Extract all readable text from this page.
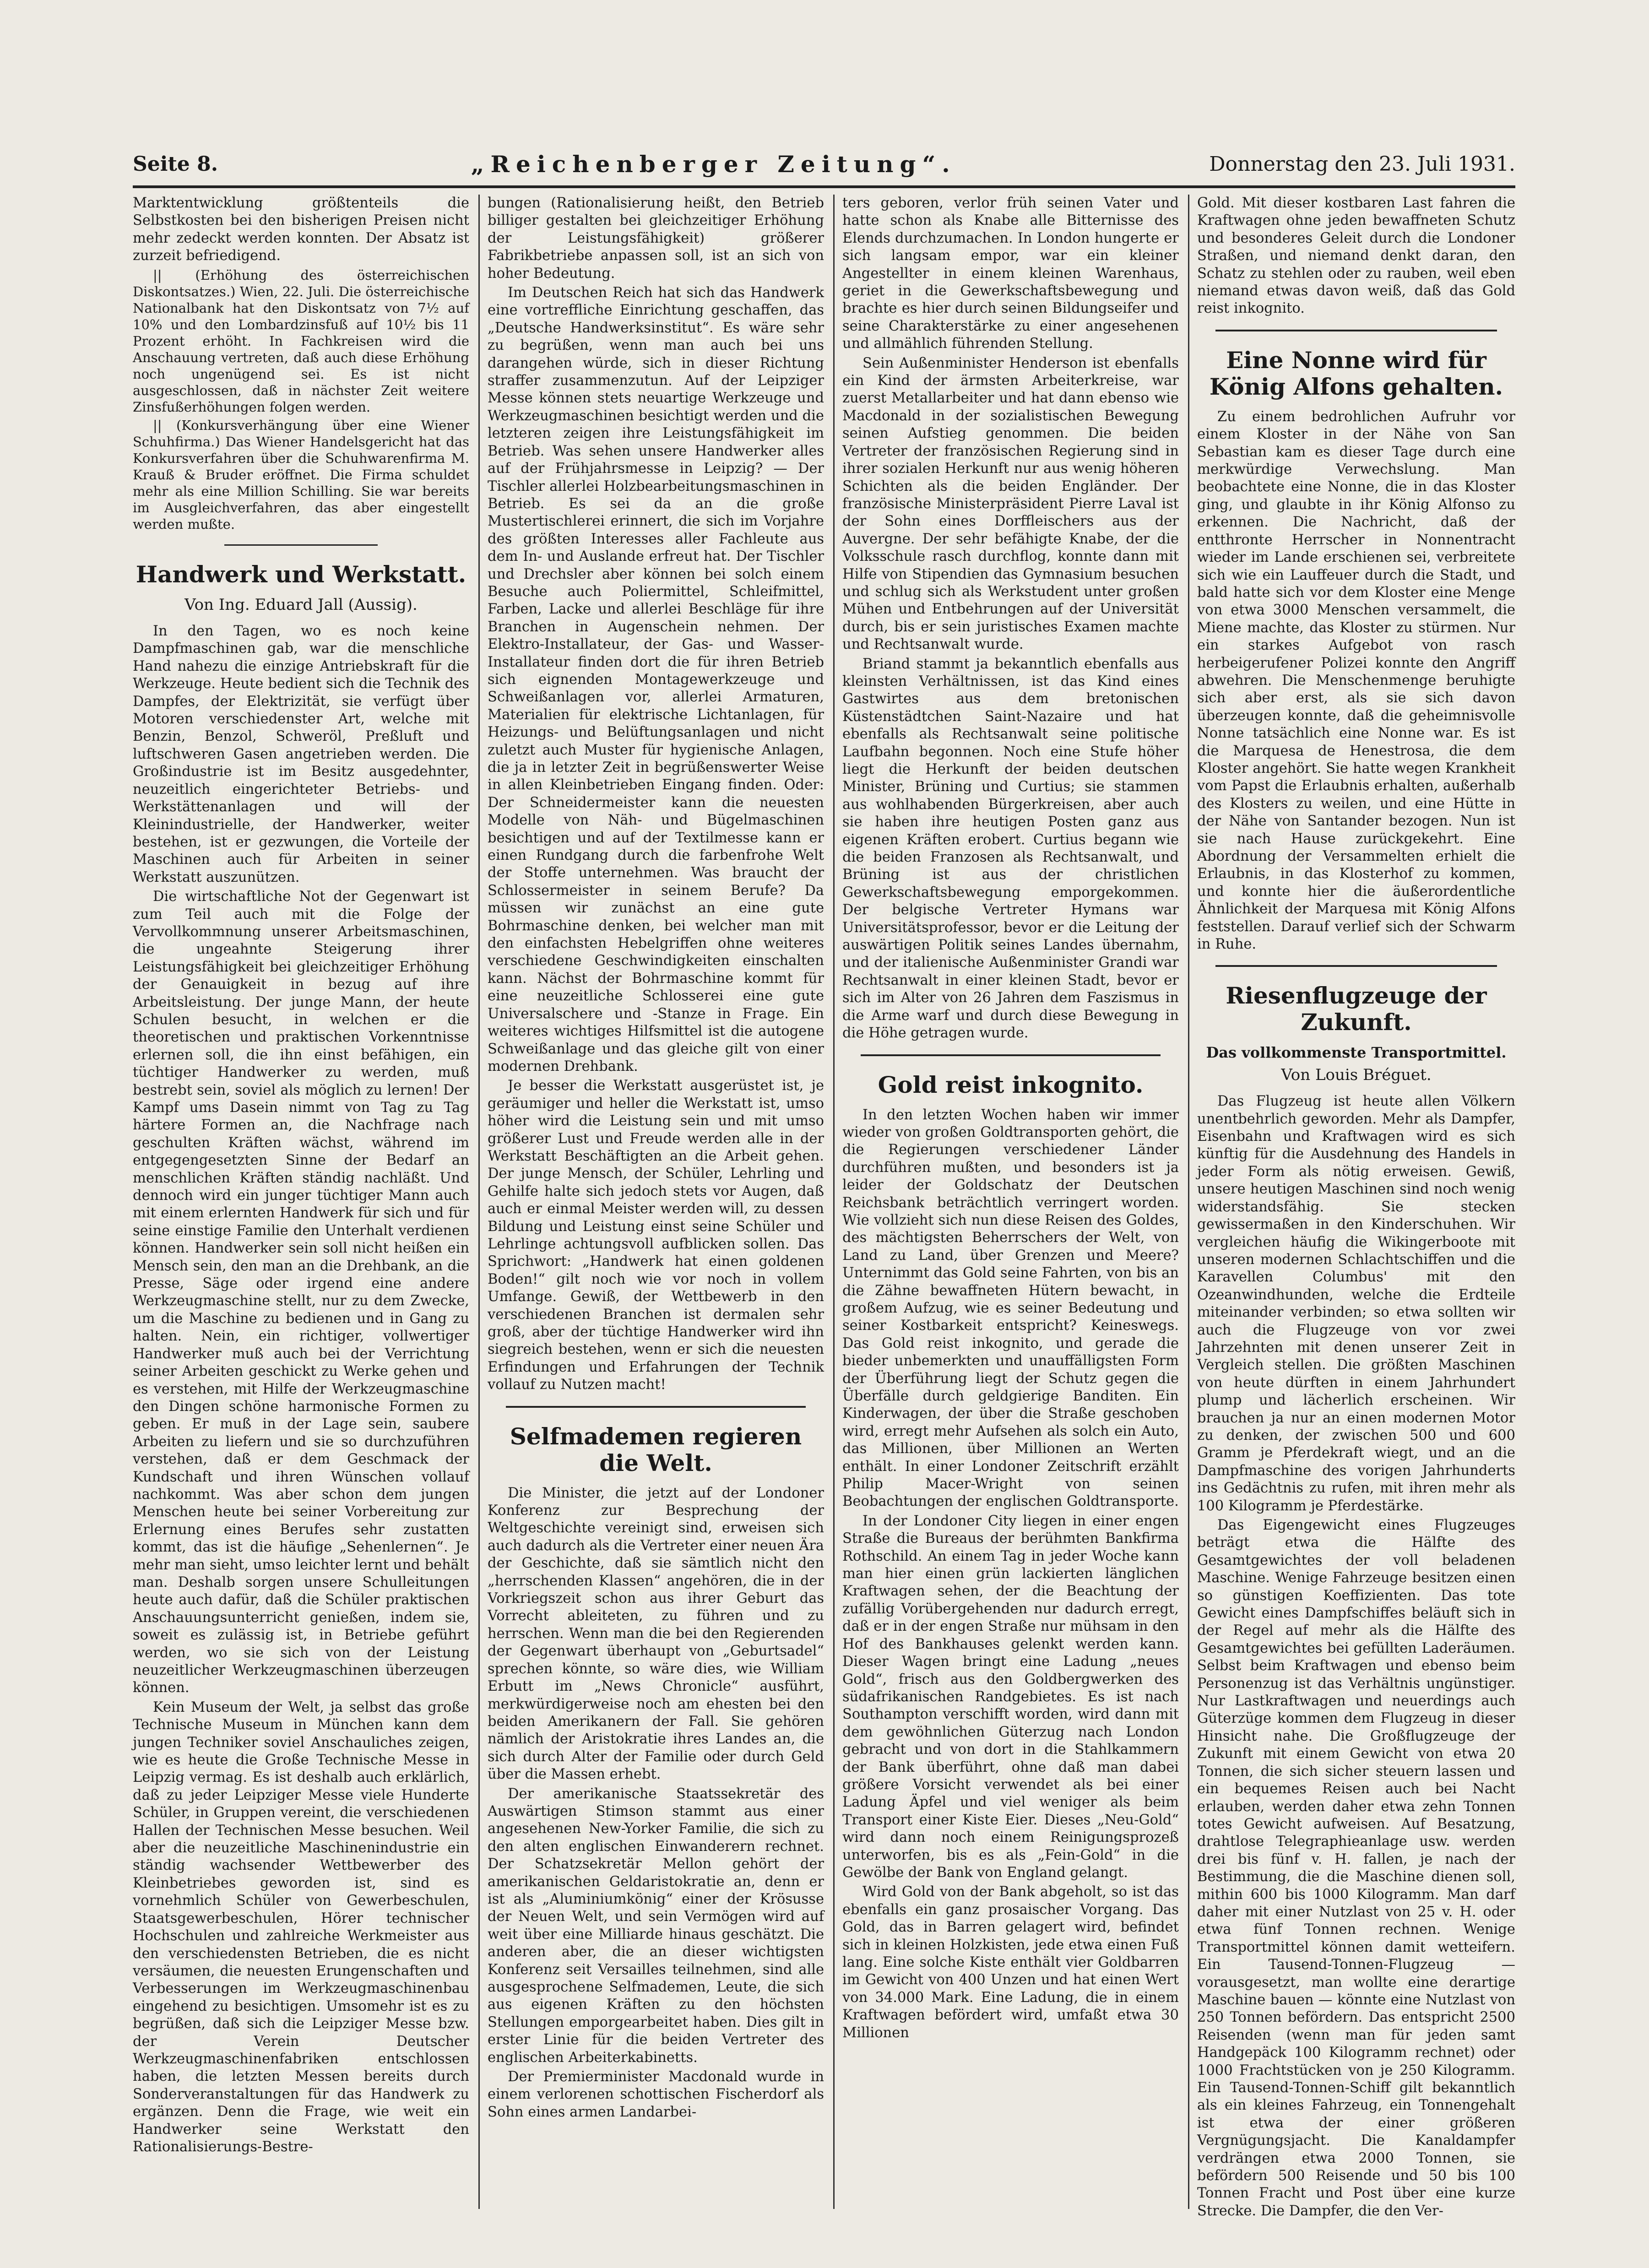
Seite 8.	„Reichenberger Zeitung“.	Donnerstag den 23. Juli 1931.

Marktentwicklung größtenteils die Selbstkosten bei den bisherigen Preisen nicht mehr zedeckt werden konnten. Der Absatz ist zurzeit befriedigend.

|| (Erhöhung des österreichischen Diskontsatzes.) Wien, 22. Juli. Die österreichische Nationalbank hat den Diskontsatz von 7½ auf 10% und den Lombardzinsfuß auf 10½ bis 11 Prozent erhöht. In Fachkreisen wird die Anschauung vertreten, daß auch diese Erhöhung noch ungenügend sei. Es ist nicht ausgeschlossen, daß in nächster Zeit weitere Zinsfußerhöhungen folgen werden.

|| (Konkursverhängung über eine Wiener Schuhfirma.) Das Wiener Handelsgericht hat das Konkursverfahren über die Schuhwarenfirma M. Krauß & Bruder eröffnet. Die Firma schuldet mehr als eine Million Schilling. Sie war bereits im Ausgleichverfahren, das aber eingestellt werden mußte.

Handwerk und Werkstatt.
Von Ing. Eduard Jall (Aussig).

In den Tagen, wo es noch keine Dampfmaschinen gab, war die menschliche Hand nahezu die einzige Antriebskraft für die Werkzeuge. Heute bedient sich die Technik des Dampfes, der Elektrizität, sie verfügt über Motoren verschiedenster Art, welche mit Benzin, Benzol, Schweröl, Preßluft und luftschweren Gasen angetrieben werden. Die Großindustrie ist im Besitz ausgedehnter, neuzeitlich eingerichteter Betriebs- und Werkstättenanlagen und will der Kleinindustrielle, der Handwerker, weiter bestehen, ist er gezwungen, die Vorteile der Maschinen auch für Arbeiten in seiner Werkstatt auszunützen.

Die wirtschaftliche Not der Gegenwart ist zum Teil auch mit die Folge der Vervollkommnung unserer Arbeitsmaschinen, die ungeahnte Steigerung ihrer Leistungsfähigkeit bei gleichzeitiger Erhöhung der Genauigkeit in bezug auf ihre Arbeitsleistung. Der junge Mann, der heute Schulen besucht, in welchen er die theoretischen und praktischen Vorkenntnisse erlernen soll, die ihn einst befähigen, ein tüchtiger Handwerker zu werden, muß bestrebt sein, soviel als möglich zu lernen! Der Kampf ums Dasein nimmt von Tag zu Tag härtere Formen an, die Nachfrage nach geschulten Kräften wächst, während im entgegengesetzten Sinne der Bedarf an menschlichen Kräften ständig nachläßt. Und dennoch wird ein junger tüchtiger Mann auch mit einem erlernten Handwerk für sich und für seine einstige Familie den Unterhalt verdienen können. Handwerker sein soll nicht heißen ein Mensch sein, den man an die Drehbank, an die Presse, Säge oder irgend eine andere Werkzeugmaschine stellt, nur zu dem Zwecke, um die Maschine zu bedienen und in Gang zu halten. Nein, ein richtiger, vollwertiger Handwerker muß auch bei der Verrichtung seiner Arbeiten geschickt zu Werke gehen und es verstehen, mit Hilfe der Werkzeugmaschine den Dingen schöne harmonische Formen zu geben. Er muß in der Lage sein, saubere Arbeiten zu liefern und sie so durchzuführen verstehen, daß er dem Geschmack der Kundschaft und ihren Wünschen vollauf nachkommt. Was aber schon dem jungen Menschen heute bei seiner Vorbereitung zur Erlernung eines Berufes sehr zustatten kommt, das ist die häufige „Sehenlernen“. Je mehr man sieht, umso leichter lernt und behält man. Deshalb sorgen unsere Schulleitungen heute auch dafür, daß die Schüler praktischen Anschauungsunterricht genießen, indem sie, soweit es zulässig ist, in Betriebe geführt werden, wo sie sich von der Leistung neuzeitlicher Werkzeugmaschinen überzeugen können.

Kein Museum der Welt, ja selbst das große Technische Museum in München kann dem jungen Techniker soviel Anschauliches zeigen, wie es heute die Große Technische Messe in Leipzig vermag. Es ist deshalb auch erklärlich, daß zu jeder Leipziger Messe viele Hunderte Schüler, in Gruppen vereint, die verschiedenen Hallen der Technischen Messe besuchen. Weil aber die neuzeitliche Maschinenindustrie ein ständig wachsender Wettbewerber des Kleinbetriebes geworden ist, sind es vornehmlich Schüler von Gewerbeschulen, Staatsgewerbeschulen, Hörer technischer Hochschulen und zahlreiche Werkmeister aus den verschiedensten Betrieben, die es nicht versäumen, die neuesten Erungenschaften und Verbesserungen im Werkzeugmaschinenbau eingehend zu besichtigen. Umsomehr ist es zu begrüßen, daß sich die Leipziger Messe bzw. der Verein Deutscher Werkzeugmaschinenfabriken entschlossen haben, die letzten Messen bereits durch Sonderveranstaltungen für das Handwerk zu ergänzen. Denn die Frage, wie weit ein Handwerker seine Werkstatt den Rationalisierungs-Bestre-

bungen (Rationalisierung heißt, den Betrieb billiger gestalten bei gleichzeitiger Erhöhung der Leistungsfähigkeit) größerer Fabrikbetriebe anpassen soll, ist an sich von hoher Bedeutung.

Im Deutschen Reich hat sich das Handwerk eine vortreffliche Einrichtung geschaffen, das „Deutsche Handwerksinstitut“. Es wäre sehr zu begrüßen, wenn man auch bei uns darangehen würde, sich in dieser Richtung straffer zusammenzutun. Auf der Leipziger Messe können stets neuartige Werkzeuge und Werkzeugmaschinen besichtigt werden und die letzteren zeigen ihre Leistungsfähigkeit im Betrieb. Was sehen unsere Handwerker alles auf der Frühjahrsmesse in Leipzig? — Der Tischler allerlei Holzbearbeitungsmaschinen in Betrieb. Es sei da an die große Mustertischlerei erinnert, die sich im Vorjahre des größten Interesses aller Fachleute aus dem In- und Auslande erfreut hat. Der Tischler und Drechsler aber können bei solch einem Besuche auch Poliermittel, Schleifmittel, Farben, Lacke und allerlei Beschläge für ihre Branchen in Augenschein nehmen. Der Elektro-Installateur, der Gas- und Wasser-Installateur finden dort die für ihren Betrieb sich eignenden Montagewerkzeuge und Schweißanlagen vor, allerlei Armaturen, Materialien für elektrische Lichtanlagen, für Heizungs- und Belüftungsanlagen und nicht zuletzt auch Muster für hygienische Anlagen, die ja in letzter Zeit in begrüßenswerter Weise in allen Kleinbetrieben Eingang finden. Oder: Der Schneidermeister kann die neuesten Modelle von Näh- und Bügelmaschinen besichtigen und auf der Textilmesse kann er einen Rundgang durch die farbenfrohe Welt der Stoffe unternehmen. Was braucht der Schlossermeister in seinem Berufe? Da müssen wir zunächst an eine gute Bohrmaschine denken, bei welcher man mit den einfachsten Hebelgriffen ohne weiteres verschiedene Geschwindigkeiten einschalten kann. Nächst der Bohrmaschine kommt für eine neuzeitliche Schlosserei eine gute Universalschere und -Stanze in Frage. Ein weiteres wichtiges Hilfsmittel ist die autogene Schweißanlage und das gleiche gilt von einer modernen Drehbank.

Je besser die Werkstatt ausgerüstet ist, je geräumiger und heller die Werkstatt ist, umso höher wird die Leistung sein und mit umso größerer Lust und Freude werden alle in der Werkstatt Beschäftigten an die Arbeit gehen. Der junge Mensch, der Schüler, Lehrling und Gehilfe halte sich jedoch stets vor Augen, daß auch er einmal Meister werden will, zu dessen Bildung und Leistung einst seine Schüler und Lehrlinge achtungsvoll aufblicken sollen. Das Sprichwort: „Handwerk hat einen goldenen Boden!“ gilt noch wie vor noch in vollem Umfange. Gewiß, der Wettbewerb in den verschiedenen Branchen ist dermalen sehr groß, aber der tüchtige Handwerker wird ihn siegreich bestehen, wenn er sich die neuesten Erfindungen und Erfahrungen der Technik vollauf zu Nutzen macht!

Selfmademen regieren die Welt.

Die Minister, die jetzt auf der Londoner Konferenz zur Besprechung der Weltgeschichte vereinigt sind, erweisen sich auch dadurch als die Vertreter einer neuen Ära der Geschichte, daß sie sämtlich nicht den „herrschenden Klassen“ angehören, die in der Vorkriegszeit schon aus ihrer Geburt das Vorrecht ableiteten, zu führen und zu herrschen. Wenn man die bei den Regierenden der Gegenwart überhaupt von „Geburtsadel“ sprechen könnte, so wäre dies, wie William Erbutt im „News Chronicle“ ausführt, merkwürdigerweise noch am ehesten bei den beiden Amerikanern der Fall. Sie gehören nämlich der Aristokratie ihres Landes an, die sich durch Alter der Familie oder durch Geld über die Massen erhebt.

Der amerikanische Staatssekretär des Auswärtigen Stimson stammt aus einer angesehenen New-Yorker Familie, die sich zu den alten englischen Einwanderern rechnet. Der Schatzsekretär Mellon gehört der amerikanischen Geldaristokratie an, denn er ist als „Aluminiumkönig“ einer der Krösusse der Neuen Welt, und sein Vermögen wird auf weit über eine Milliarde hinaus geschätzt. Die anderen aber, die an dieser wichtigsten Konferenz seit Versailles teilnehmen, sind alle ausgesprochene Selfmademen, Leute, die sich aus eigenen Kräften zu den höchsten Stellungen emporgearbeitet haben. Dies gilt in erster Linie für die beiden Vertreter des englischen Arbeiterkabinetts.

Der Premierminister Macdonald wurde in einem verlorenen schottischen Fischerdorf als Sohn eines armen Landarbei-

ters geboren, verlor früh seinen Vater und hatte schon als Knabe alle Bitternisse des Elends durchzumachen. In London hungerte er sich langsam empor, war ein kleiner Angestellter in einem kleinen Warenhaus, geriet in die Gewerkschaftsbewegung und brachte es hier durch seinen Bildungseifer und seine Charakterstärke zu einer angesehenen und allmählich führenden Stellung.

Sein Außenminister Henderson ist ebenfalls ein Kind der ärmsten Arbeiterkreise, war zuerst Metallarbeiter und hat dann ebenso wie Macdonald in der sozialistischen Bewegung seinen Aufstieg genommen. Die beiden Vertreter der französischen Regierung sind in ihrer sozialen Herkunft nur aus wenig höheren Schichten als die beiden Engländer. Der französische Ministerpräsident Pierre Laval ist der Sohn eines Dorffleischers aus der Auvergne. Der sehr befähigte Knabe, der die Volksschule rasch durchflog, konnte dann mit Hilfe von Stipendien das Gymnasium besuchen und schlug sich als Werkstudent unter großen Mühen und Entbehrungen auf der Universität durch, bis er sein juristisches Examen machte und Rechtsanwalt wurde.

Briand stammt ja bekanntlich ebenfalls aus kleinsten Verhältnissen, ist das Kind eines Gastwirtes aus dem bretonischen Küstenstädtchen Saint-Nazaire und hat ebenfalls als Rechtsanwalt seine politische Laufbahn begonnen. Noch eine Stufe höher liegt die Herkunft der beiden deutschen Minister, Brüning und Curtius; sie stammen aus wohlhabenden Bürgerkreisen, aber auch sie haben ihre heutigen Posten ganz aus eigenen Kräften erobert. Curtius begann wie die beiden Franzosen als Rechtsanwalt, und Brüning ist aus der christlichen Gewerkschaftsbewegung emporgekommen. Der belgische Vertreter Hymans war Universitätsprofessor, bevor er die Leitung der auswärtigen Politik seines Landes übernahm, und der italienische Außenminister Grandi war Rechtsanwalt in einer kleinen Stadt, bevor er sich im Alter von 26 Jahren dem Faszismus in die Arme warf und durch diese Bewegung in die Höhe getragen wurde.

Gold reist inkognito.

In den letzten Wochen haben wir immer wieder von großen Goldtransporten gehört, die die Regierungen verschiedener Länder durchführen mußten, und besonders ist ja leider der Goldschatz der Deutschen Reichsbank beträchtlich verringert worden. Wie vollzieht sich nun diese Reisen des Goldes, des mächtigsten Beherrschers der Welt, von Land zu Land, über Grenzen und Meere? Unternimmt das Gold seine Fahrten, von bis an die Zähne bewaffneten Hütern bewacht, in großem Aufzug, wie es seiner Bedeutung und seiner Kostbarkeit entspricht? Keineswegs. Das Gold reist inkognito, und gerade die bieder unbemerkten und unauffälligsten Form der Überführung liegt der Schutz gegen die Überfälle durch geldgierige Banditen. Ein Kinderwagen, der über die Straße geschoben wird, erregt mehr Aufsehen als solch ein Auto, das Millionen, über Millionen an Werten enthält. In einer Londoner Zeitschrift erzählt Philip Macer-Wright von seinen Beobachtungen der englischen Goldtransporte.

In der Londoner City liegen in einer engen Straße die Bureaus der berühmten Bankfirma Rothschild. An einem Tag in jeder Woche kann man hier einen grün lackierten länglichen Kraftwagen sehen, der die Beachtung der zufällig Vorübergehenden nur dadurch erregt, daß er in der engen Straße nur mühsam in den Hof des Bankhauses gelenkt werden kann. Dieser Wagen bringt eine Ladung „neues Gold“, frisch aus den Goldbergwerken des südafrikanischen Randgebietes. Es ist nach Southampton verschifft worden, wird dann mit dem gewöhnlichen Güterzug nach London gebracht und von dort in die Stahlkammern der Bank überführt, ohne daß man dabei größere Vorsicht verwendet als bei einer Ladung Äpfel und viel weniger als beim Transport einer Kiste Eier. Dieses „Neu-Gold“ wird dann noch einem Reinigungsprozeß unterworfen, bis es als „Fein-Gold“ in die Gewölbe der Bank von England gelangt.

Wird Gold von der Bank abgeholt, so ist das ebenfalls ein ganz prosaischer Vorgang. Das Gold, das in Barren gelagert wird, befindet sich in kleinen Holzkisten, jede etwa einen Fuß lang. Eine solche Kiste enthält vier Goldbarren im Gewicht von 400 Unzen und hat einen Wert von 34.000 Mark. Eine Ladung, die in einem Kraftwagen befördert wird, umfaßt etwa 30 Millionen

Gold. Mit dieser kostbaren Last fahren die Kraftwagen ohne jeden bewaffneten Schutz und besonderes Geleit durch die Londoner Straßen, und niemand denkt daran, den Schatz zu stehlen oder zu rauben, weil eben niemand etwas davon weiß, daß das Gold reist inkognito.

Eine Nonne wird für König Alfons gehalten.

Zu einem bedrohlichen Aufruhr vor einem Kloster in der Nähe von San Sebastian kam es dieser Tage durch eine merkwürdige Verwechslung. Man beobachtete eine Nonne, die in das Kloster ging, und glaubte in ihr König Alfonso zu erkennen. Die Nachricht, daß der entthronte Herrscher in Nonnentracht wieder im Lande erschienen sei, verbreitete sich wie ein Lauffeuer durch die Stadt, und bald hatte sich vor dem Kloster eine Menge von etwa 3000 Menschen versammelt, die Miene machte, das Kloster zu stürmen. Nur ein starkes Aufgebot von rasch herbeigerufener Polizei konnte den Angriff abwehren. Die Menschenmenge beruhigte sich aber erst, als sie sich davon überzeugen konnte, daß die geheimnisvolle Nonne tatsächlich eine Nonne war. Es ist die Marquesa de Henestrosa, die dem Kloster angehört. Sie hatte wegen Krankheit vom Papst die Erlaubnis erhalten, außerhalb des Klosters zu weilen, und eine Hütte in der Nähe von Santander bezogen. Nun ist sie nach Hause zurückgekehrt. Eine Abordnung der Versammelten erhielt die Erlaubnis, in das Klosterhof zu kommen, und konnte hier die äußerordentliche Ähnlichkeit der Marquesa mit König Alfons feststellen. Darauf verlief sich der Schwarm in Ruhe.

Riesenflugzeuge der Zukunft.
Das vollkommenste Transportmittel.
Von Louis Bréguet.

Das Flugzeug ist heute allen Völkern unentbehrlich geworden. Mehr als Dampfer, Eisenbahn und Kraftwagen wird es sich künftig für die Ausdehnung des Handels in jeder Form als nötig erweisen. Gewiß, unsere heutigen Maschinen sind noch wenig widerstandsfähig. Sie stecken gewissermaßen in den Kinderschuhen. Wir vergleichen häufig die Wikingerboote mit unseren modernen Schlachtschiffen und die Karavellen Columbus' mit den Ozeanwindhunden, welche die Erdteile miteinander verbinden; so etwa sollten wir auch die Flugzeuge von vor zwei Jahrzehnten mit denen unserer Zeit in Vergleich stellen. Die größten Maschinen von heute dürften in einem Jahrhundert plump und lächerlich erscheinen. Wir brauchen ja nur an einen modernen Motor zu denken, der zwischen 500 und 600 Gramm je Pferdekraft wiegt, und an die Dampfmaschine des vorigen Jahrhunderts ins Gedächtnis zu rufen, mit ihren mehr als 100 Kilogramm je Pferdestärke.

Das Eigengewicht eines Flugzeuges beträgt etwa die Hälfte des Gesamtgewichtes der voll beladenen Maschine. Wenige Fahrzeuge besitzen einen so günstigen Koeffizienten. Das tote Gewicht eines Dampfschiffes beläuft sich in der Regel auf mehr als die Hälfte des Gesamtgewichtes bei gefüllten Laderäumen. Selbst beim Kraftwagen und ebenso beim Personenzug ist das Verhältnis ungünstiger. Nur Lastkraftwagen und neuerdings auch Güterzüge kommen dem Flugzeug in dieser Hinsicht nahe. Die Großflugzeuge der Zukunft mit einem Gewicht von etwa 20 Tonnen, die sich sicher steuern lassen und ein bequemes Reisen auch bei Nacht erlauben, werden daher etwa zehn Tonnen totes Gewicht aufweisen. Auf Besatzung, drahtlose Telegraphieanlage usw. werden drei bis fünf v. H. fallen, je nach der Bestimmung, die die Maschine dienen soll, mithin 600 bis 1000 Kilogramm. Man darf daher mit einer Nutzlast von 25 v. H. oder etwa fünf Tonnen rechnen. Wenige Transportmittel können damit wetteifern. Ein Tausend-Tonnen-Flugzeug — vorausgesetzt, man wollte eine derartige Maschine bauen — könnte eine Nutzlast von 250 Tonnen befördern. Das entspricht 2500 Reisenden (wenn man für jeden samt Handgepäck 100 Kilogramm rechnet) oder 1000 Frachtstücken von je 250 Kilogramm. Ein Tausend-Tonnen-Schiff gilt bekanntlich als ein kleines Fahrzeug, ein Tonnengehalt ist etwa der einer größeren Vergnügungsjacht. Die Kanaldampfer verdrängen etwa 2000 Tonnen, sie befördern 500 Reisende und 50 bis 100 Tonnen Fracht und Post über eine kurze Strecke. Die Dampfer, die den Ver-
